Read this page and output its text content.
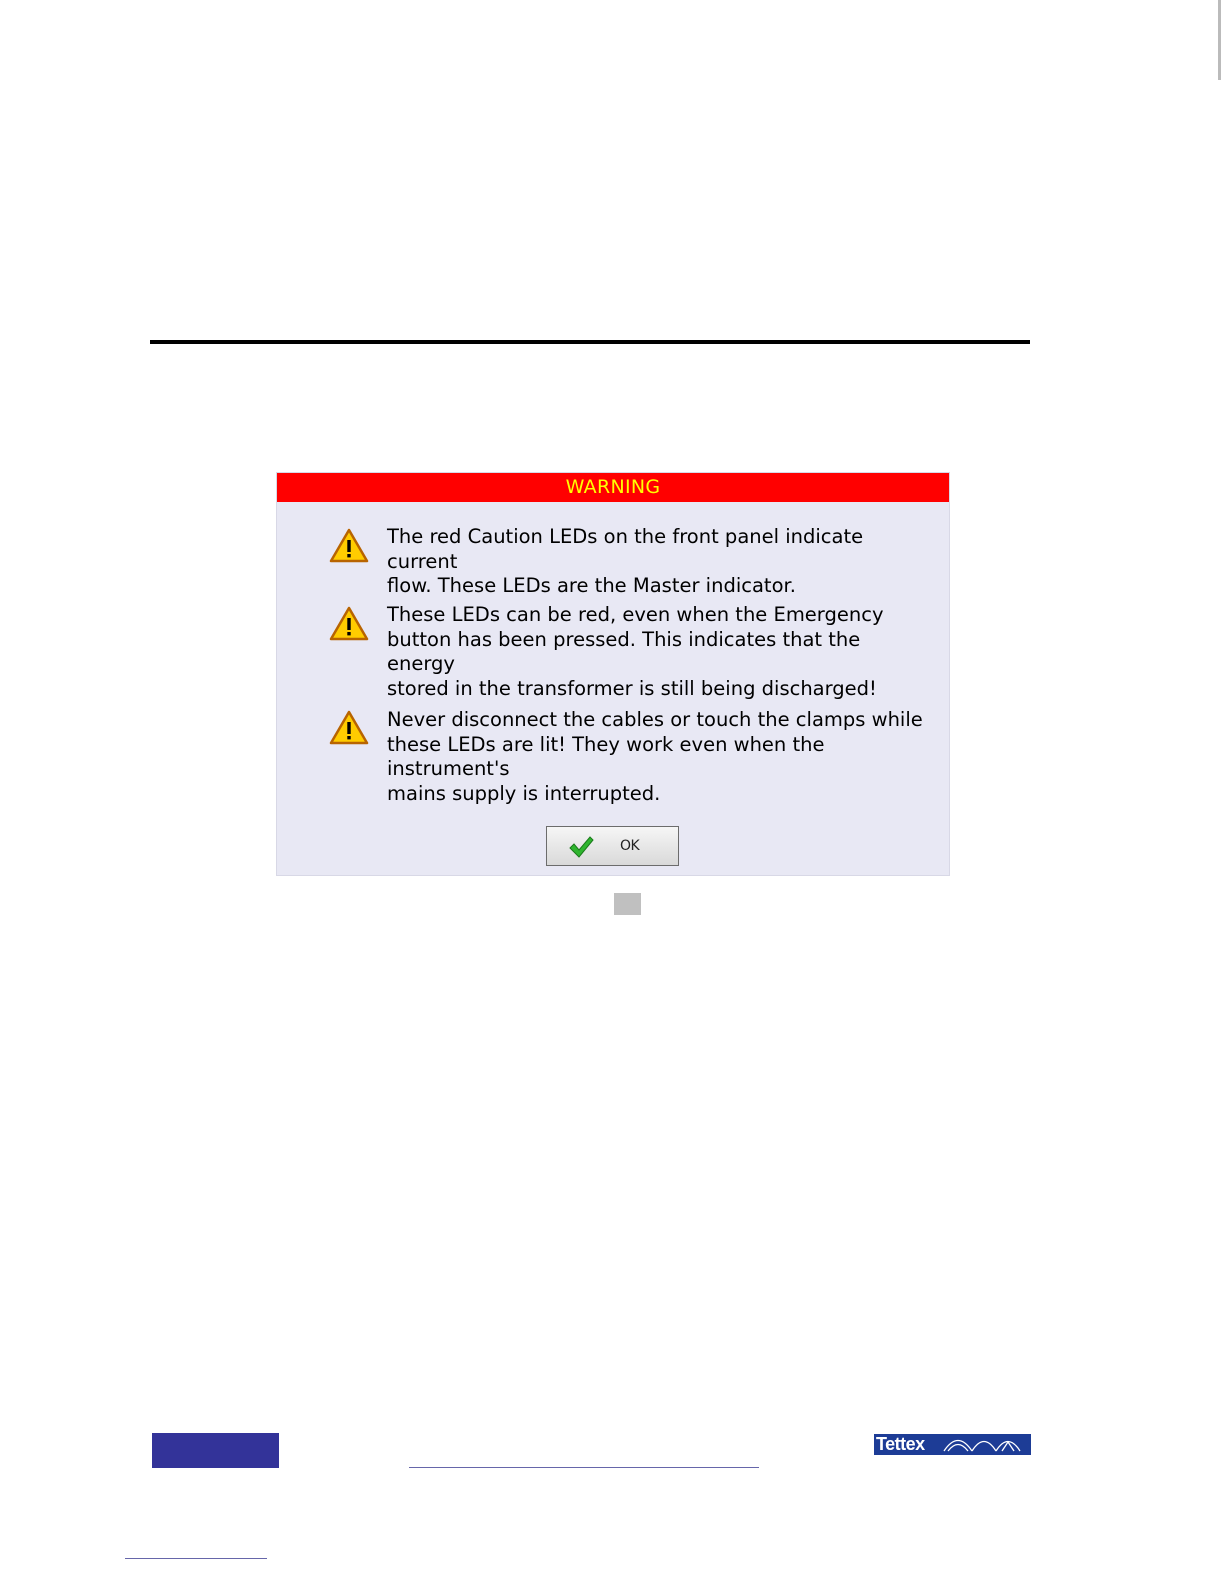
WARNING
The red Caution LEDs on the front panel indicate current
flow. These LEDs are the Master indicator.
These LEDs can be red, even when the Emergency
button has been pressed. This indicates that the energy
stored in the transformer is still being discharged!
Never disconnect the cables or touch the clamps while
these LEDs are lit! They work even when the instrument's
mains supply is interrupted.
OK
Tettex
